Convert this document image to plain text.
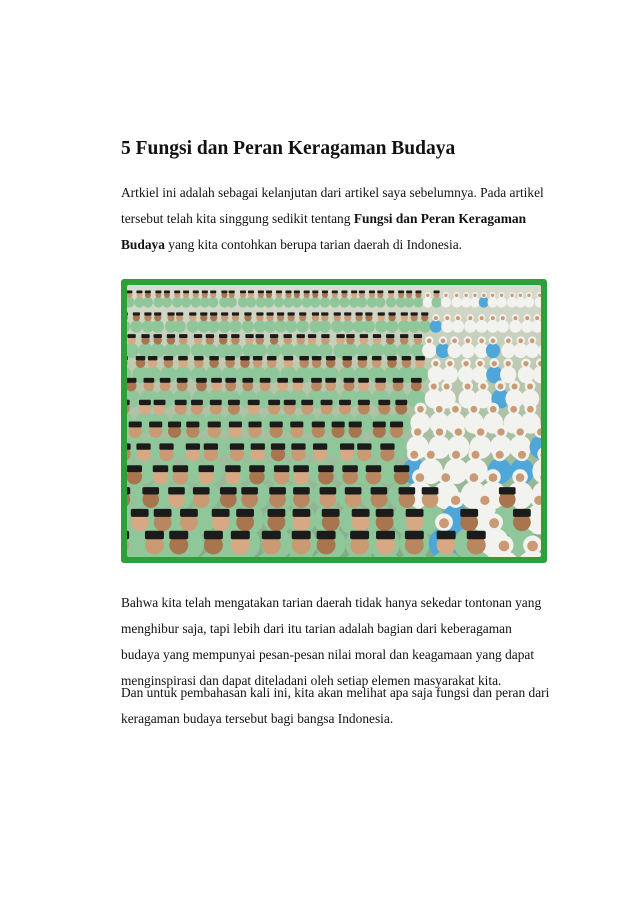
5 Fungsi dan Peran Keragaman Budaya

Artkiel ini adalah sebagai kelanjutan dari artikel saya sebelumnya. Pada artikel tersebut telah kita singgung sedikit tentang Fungsi dan Peran Keragaman Budaya yang kita contohkan berupa tarian daerah di Indonesia.

Bahwa kita telah mengatakan tarian daerah tidak hanya sekedar tontonan yang menghibur saja, tapi lebih dari itu tarian adalah bagian dari keberagaman budaya yang mempunyai pesan-pesan nilai moral dan keagamaan yang dapat menginspirasi dan dapat diteladani oleh setiap elemen masyarakat kita.

Dan untuk pembahasan kali ini, kita akan melihat apa saja fungsi dan peran dari keragaman budaya tersebut bagi bangsa Indonesia.
